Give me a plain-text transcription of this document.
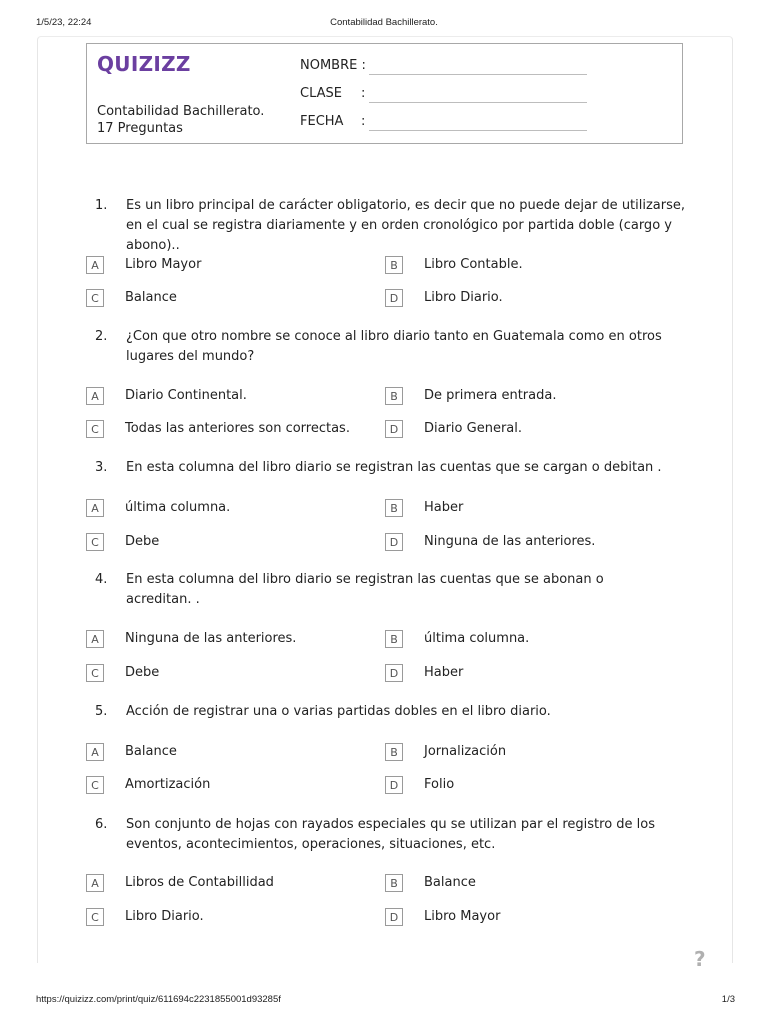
1/5/23, 22:24	Contabilidad Bachillerato.
QUIZIZZ
Contabilidad Bachillerato.
17 Preguntas
NOMBRE :
CLASE :
FECHA :
1. Es un libro principal de carácter obligatorio, es decir que no puede dejar de utilizarse, en el cual se registra diariamente y en orden cronológico por partida doble (cargo y abono)..
A	Libro Mayor	B	Libro Contable.
C	Balance	D	Libro Diario.
2. ¿Con que otro nombre se conoce al libro diario tanto en Guatemala como en otros lugares del mundo?
A	Diario Continental.	B	De primera entrada.
C	Todas las anteriores son correctas.	D	Diario General.
3. En esta columna del libro diario se registran las cuentas que se cargan o debitan .
A	última columna.	B	Haber
C	Debe	D	Ninguna de las anteriores.
4. En esta columna del libro diario se registran las cuentas que se abonan o acreditan. .
A	Ninguna de las anteriores.	B	última columna.
C	Debe	D	Haber
5. Acción de registrar una o varias partidas dobles en el libro diario.
A	Balance	B	Jornalización
C	Amortización	D	Folio
6. Son conjunto de hojas con rayados especiales qu se utilizan par el registro de los eventos, acontecimientos, operaciones, situaciones, etc.
A	Libros de Contabillidad	B	Balance
C	Libro Diario.	D	Libro Mayor
?
https://quizizz.com/print/quiz/611694c2231855001d93285f	1/3
